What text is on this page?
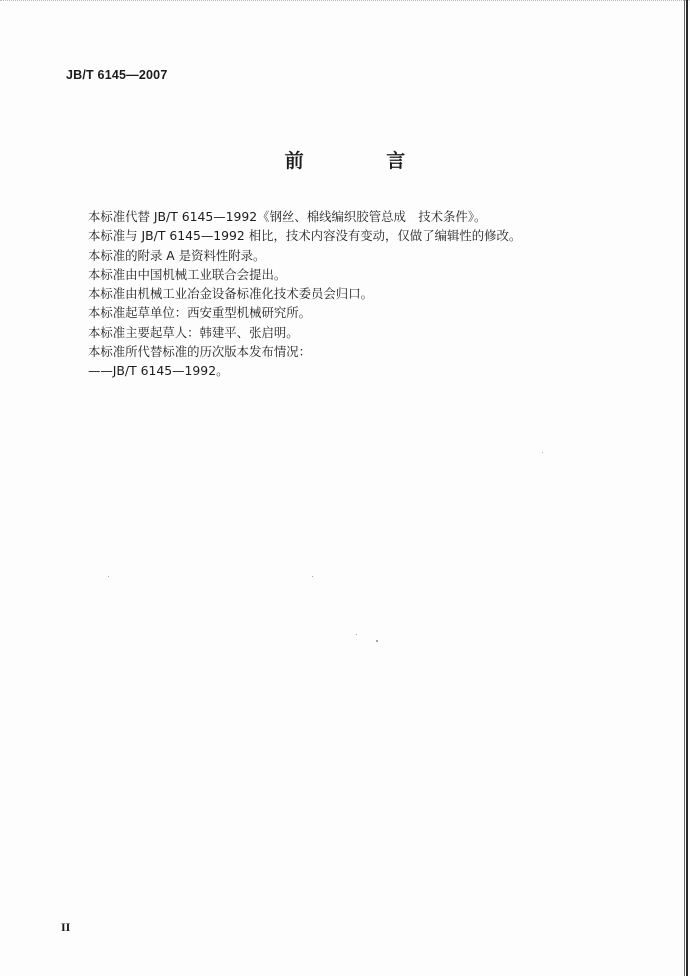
JB/T 6145—2007
前 言
本标准代替 JB/T 6145—1992《钢丝、棉线编织胶管总成　技术条件》。
本标准与 JB/T 6145—1992 相比，技术内容没有变动，仅做了编辑性的修改。
本标准的附录 A 是资料性附录。
本标准由中国机械工业联合会提出。
本标准由机械工业冶金设备标准化技术委员会归口。
本标准起草单位：西安重型机械研究所。
本标准主要起草人：韩建平、张启明。
本标准所代替标准的历次版本发布情况：
——JB/T 6145—1992。
II
